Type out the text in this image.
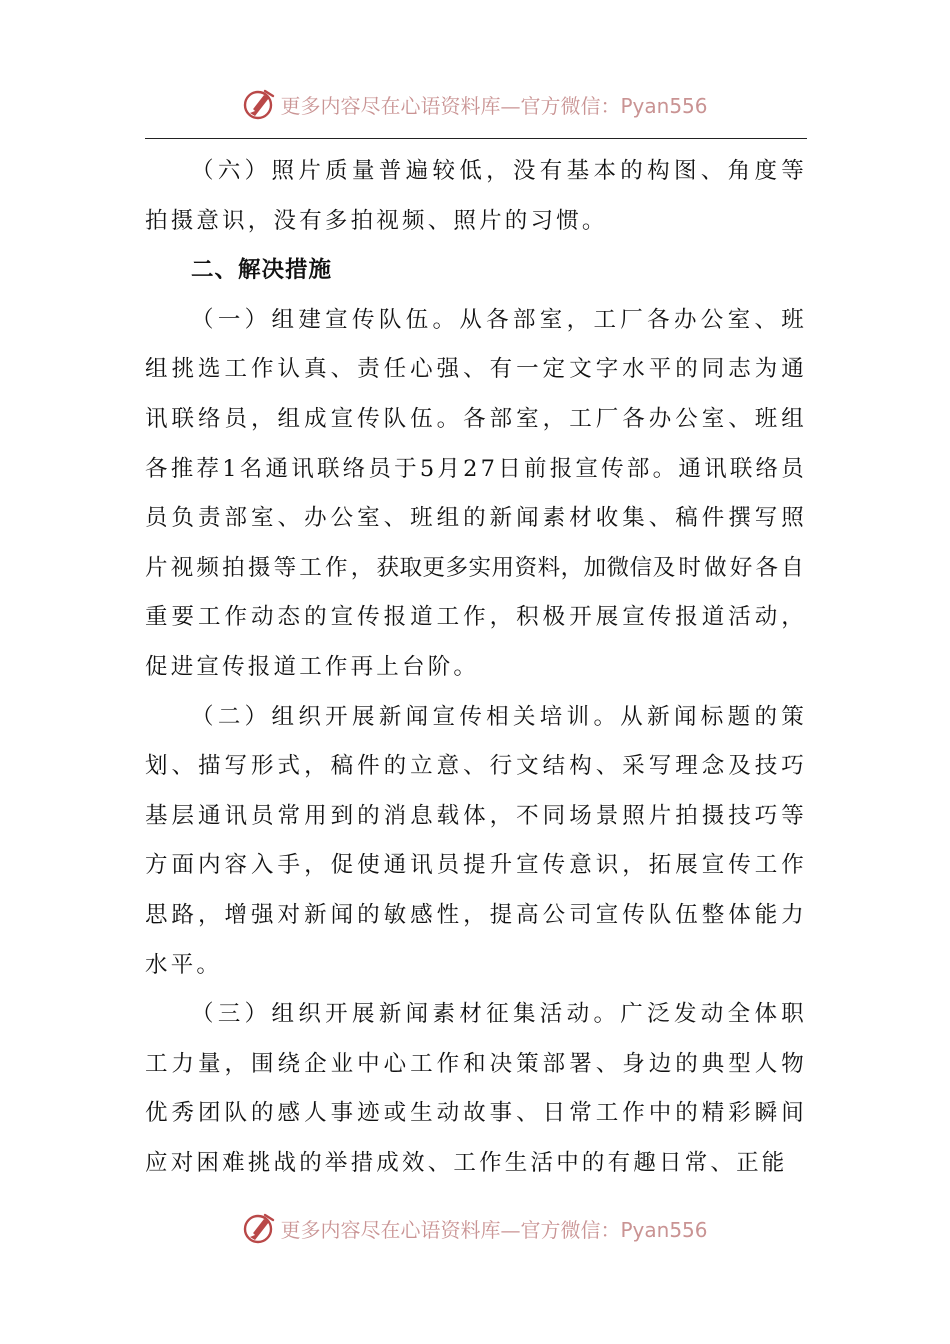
更多内容尽在心语资料库—官方微信：Pyan556

（六）照片质量普遍较低，没有基本的构图、角度等拍摄意识，没有多拍视频、照片的习惯。

二、解决措施

（一）组建宣传队伍。从各部室，工厂各办公室、班组挑选工作认真、责任心强、有一定文字水平的同志为通讯联络员，组成宣传队伍。各部室，工厂各办公室、班组各推荐1名通讯联络员于5月27日前报宣传部。通讯联络员员负责部室、办公室、班组的新闻素材收集、稿件撰写照片视频拍摄等工作，获取更多实用资料，加微信及时做好各自重要工作动态的宣传报道工作，积极开展宣传报道活动，促进宣传报道工作再上台阶。

（二）组织开展新闻宣传相关培训。从新闻标题的策划、描写形式，稿件的立意、行文结构、采写理念及技巧基层通讯员常用到的消息载体，不同场景照片拍摄技巧等方面内容入手，促使通讯员提升宣传意识，拓展宣传工作思路，增强对新闻的敏感性，提高公司宣传队伍整体能力水平。

（三）组织开展新闻素材征集活动。广泛发动全体职工力量，围绕企业中心工作和决策部署、身边的典型人物优秀团队的感人事迹或生动故事、日常工作中的精彩瞬间应对困难挑战的举措成效、工作生活中的有趣日常、正能

更多内容尽在心语资料库—官方微信：Pyan556
